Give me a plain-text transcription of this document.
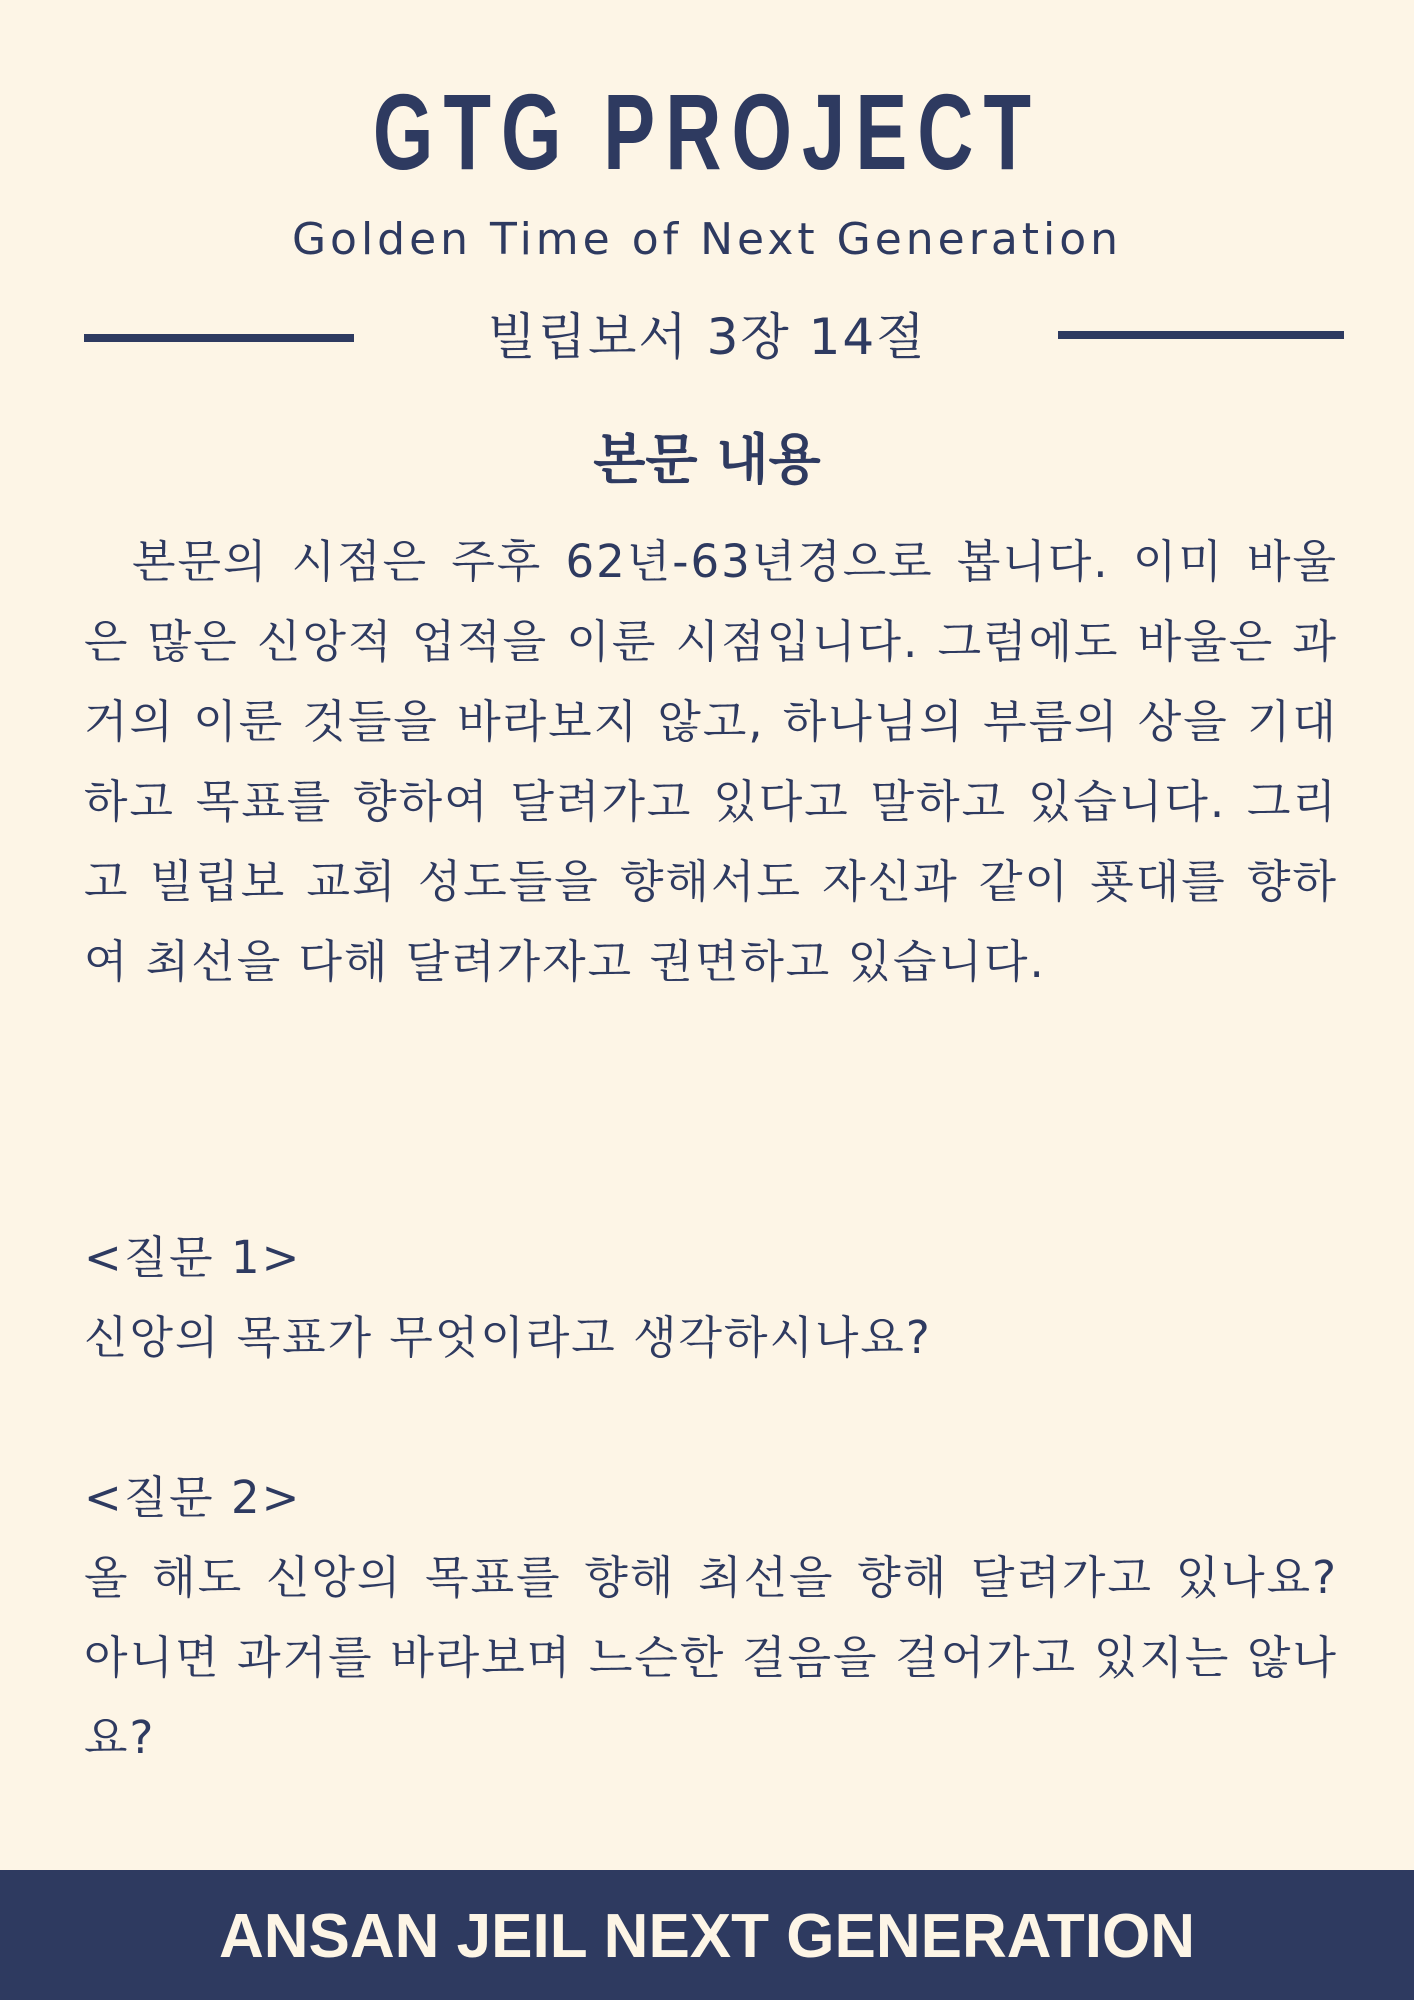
GTG PROJECT
Golden Time of Next Generation
빌립보서 3장 14절
본문 내용

본문의 시점은 주후 62년-63년경으로 봅니다. 이미 바울은 많은 신앙적 업적을 이룬 시점입니다. 그럼에도 바울은 과거의 이룬 것들을 바라보지 않고, 하나님의 부름의 상을 기대하고 목표를 향하여 달려가고 있다고 말하고 있습니다. 그리고 빌립보 교회 성도들을 향해서도 자신과 같이 푯대를 향하여 최선을 다해 달려가자고 권면하고 있습니다.

<질문 1>

신앙의 목표가 무엇이라고 생각하시나요?

<질문 2>

올 해도 신앙의 목표를 향해 최선을 향해 달려가고 있나요? 아니면 과거를 바라보며 느슨한 걸음을 걸어가고 있지는 않나요?

ANSAN JEIL NEXT GENERATION
